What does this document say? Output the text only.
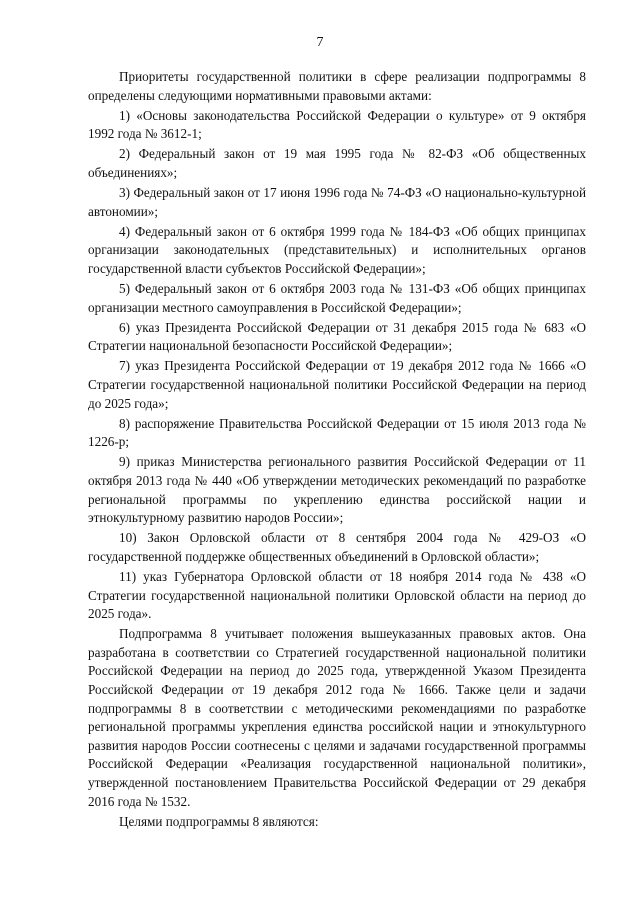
7

Приоритеты государственной политики в сфере реализации подпрограммы 8 определены следующими нормативными правовыми актами:

1) «Основы законодательства Российской Федерации о культуре» от 9 октября 1992 года № 3612-1;

2) Федеральный закон от 19 мая 1995 года № 82-ФЗ «Об общественных объединениях»;

3) Федеральный закон от 17 июня 1996 года № 74-ФЗ «О национально-культурной автономии»;

4) Федеральный закон от 6 октября 1999 года № 184-ФЗ «Об общих принципах организации законодательных (представительных) и исполнительных органов государственной власти субъектов Российской Федерации»;

5) Федеральный закон от 6 октября 2003 года № 131-ФЗ «Об общих принципах организации местного самоуправления в Российской Федерации»;

6) указ Президента Российской Федерации от 31 декабря 2015 года № 683 «О Стратегии национальной безопасности Российской Федерации»;

7) указ Президента Российской Федерации от 19 декабря 2012 года № 1666 «О Стратегии государственной национальной политики Российской Федерации на период до 2025 года»;

8) распоряжение Правительства Российской Федерации от 15 июля 2013 года № 1226-р;

9) приказ Министерства регионального развития Российской Федерации от 11 октября 2013 года № 440 «Об утверждении методических рекомендаций по разработке региональной программы по укреплению единства российской нации и этнокультурному развитию народов России»;

10) Закон Орловской области от 8 сентября 2004 года № 429-ОЗ «О государственной поддержке общественных объединений в Орловской области»;

11) указ Губернатора Орловской области от 18 ноября 2014 года № 438 «О Стратегии государственной национальной политики Орловской области на период до 2025 года».

Подпрограмма 8 учитывает положения вышеуказанных правовых актов. Она разработана в соответствии со Стратегией государственной национальной политики Российской Федерации на период до 2025 года, утвержденной Указом Президента Российской Федерации от 19 декабря 2012 года № 1666. Также цели и задачи подпрограммы 8 в соответствии с методическими рекомендациями по разработке региональной программы укрепления единства российской нации и этнокультурного развития народов России соотнесены с целями и задачами государственной программы Российской Федерации «Реализация государственной национальной политики», утвержденной постановлением Правительства Российской Федерации от 29 декабря 2016 года № 1532.

Целями подпрограммы 8 являются:
